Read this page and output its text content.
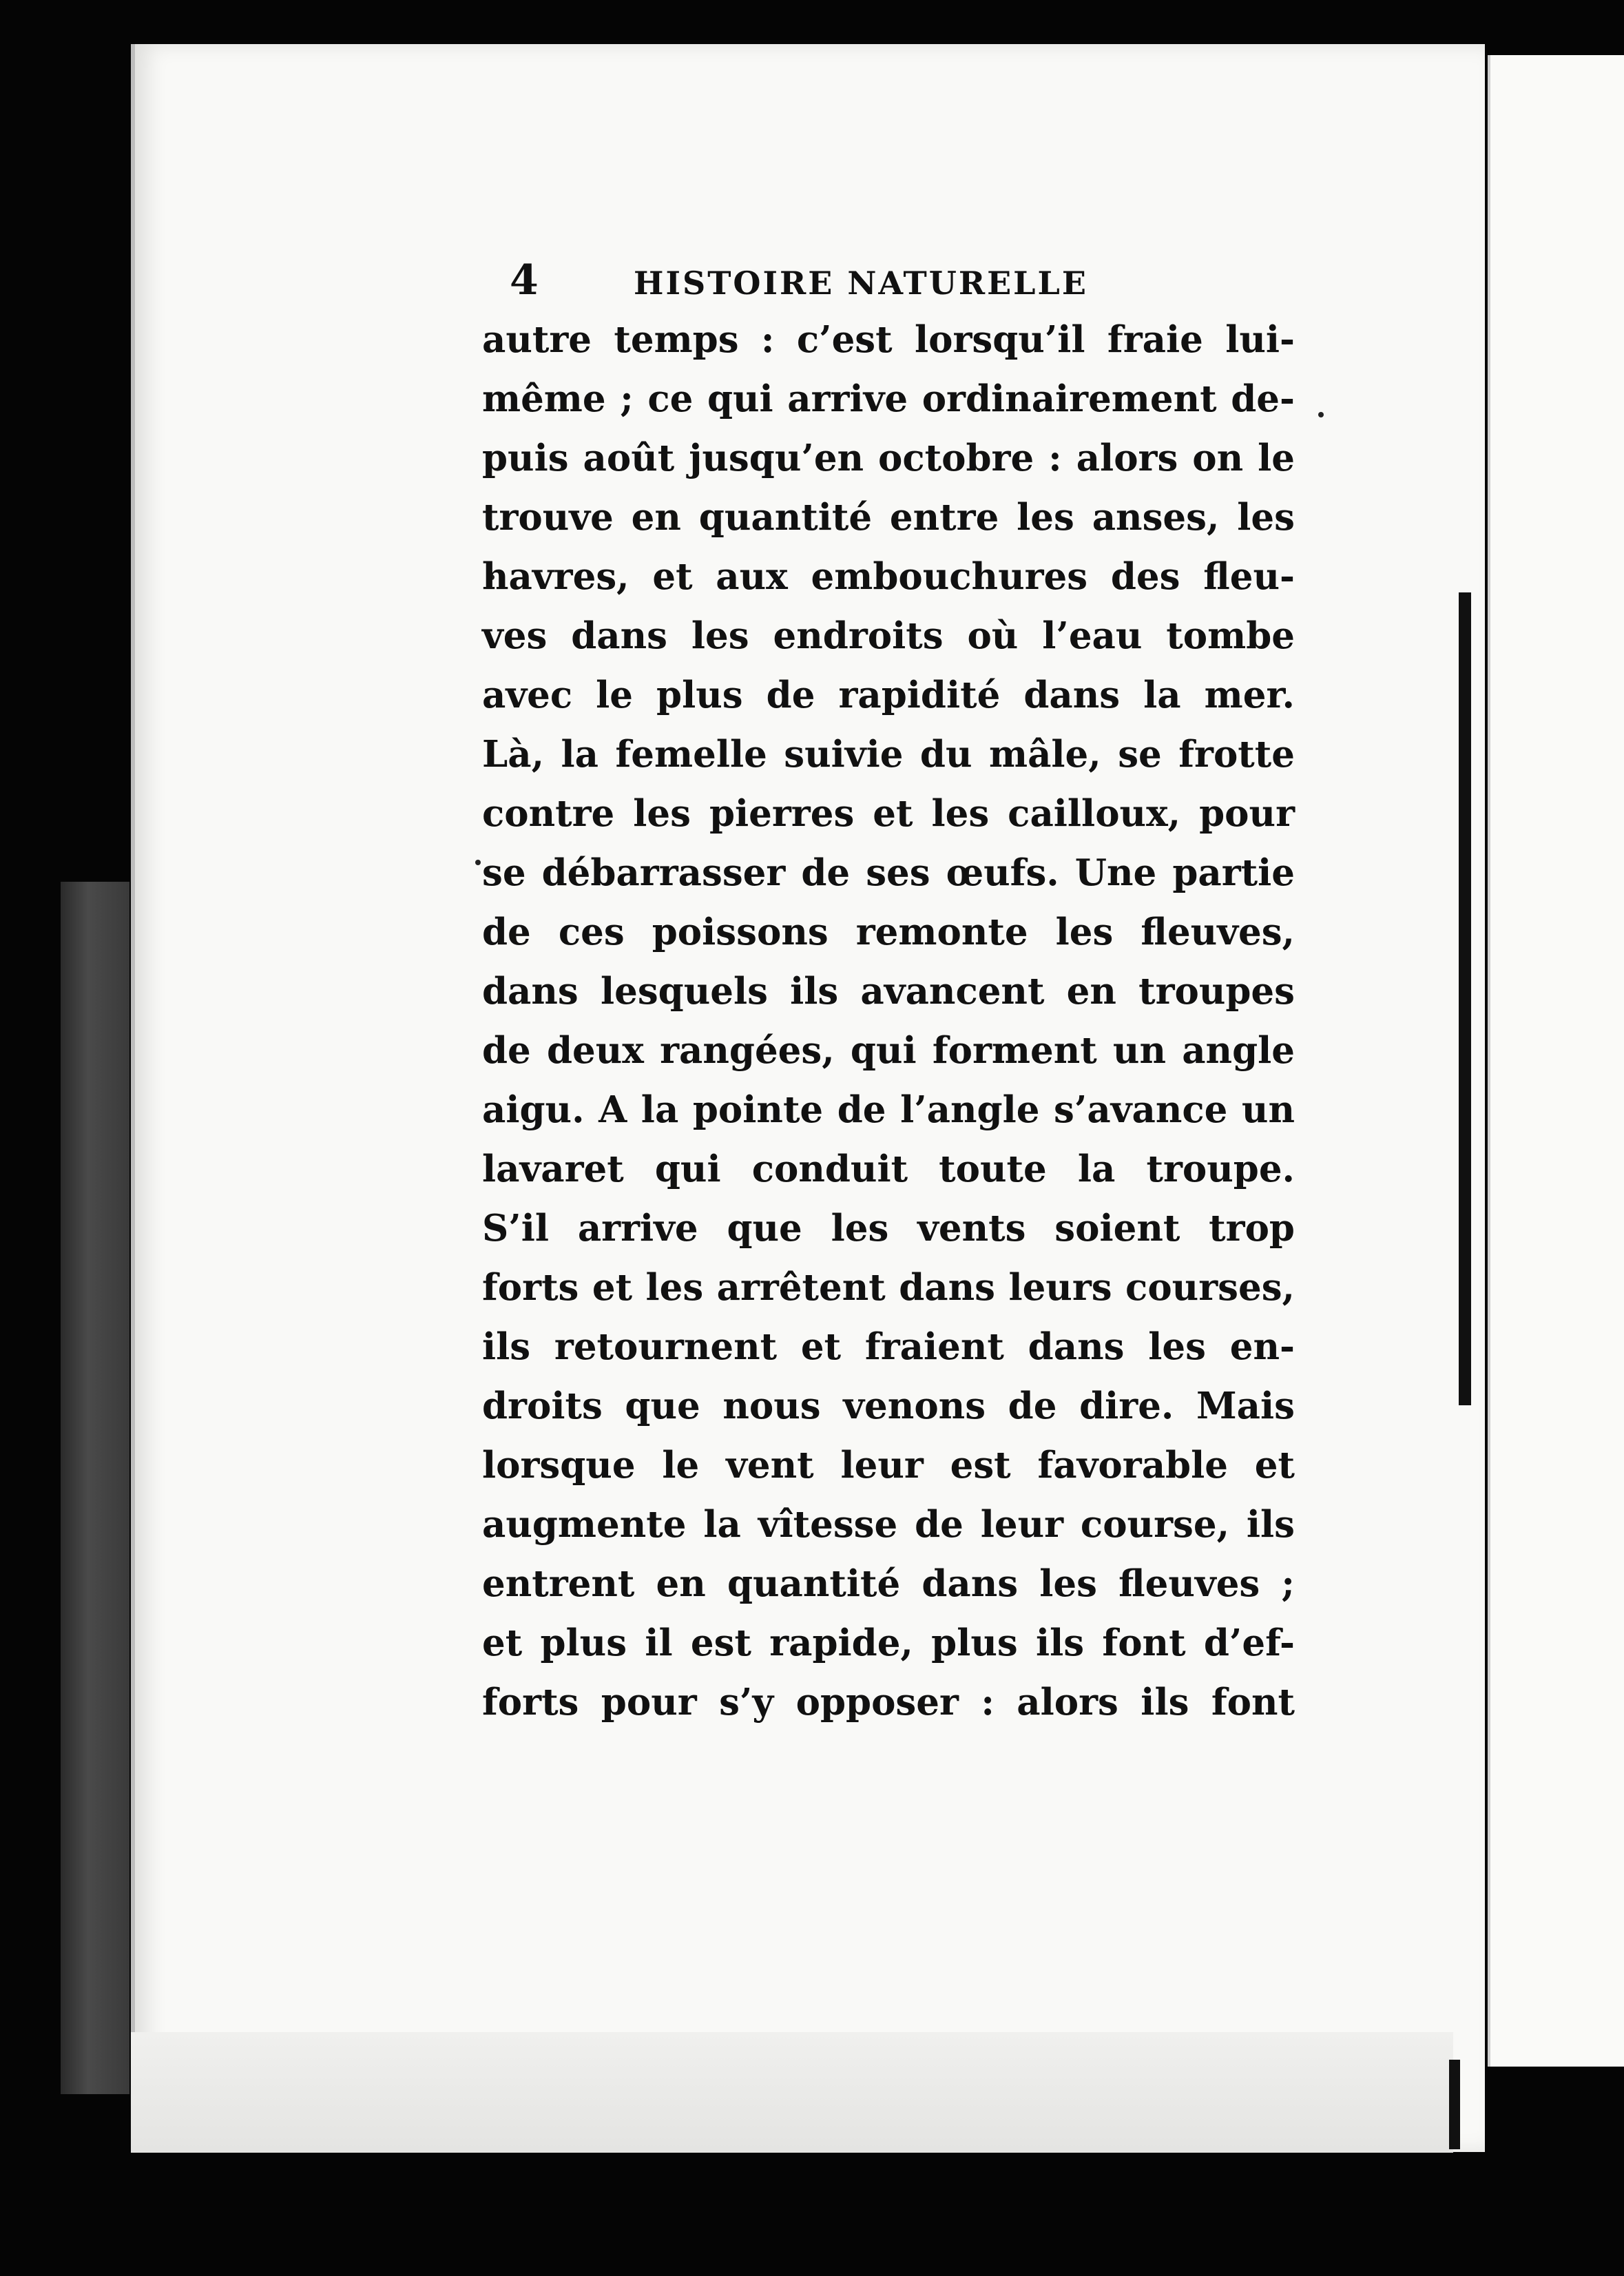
4	HISTOIRE NATURELLE
autre temps : c’est lorsqu’il fraie lui-
même ; ce qui arrive ordinairement de-
puis août jusqu’en octobre : alors on le
trouve en quantité entre les anses, les
havres, et aux embouchures des fleu-
ves dans les endroits où l’eau tombe
avec le plus de rapidité dans la mer.
Là, la femelle suivie du mâle, se frotte
contre les pierres et les cailloux, pour
se débarrasser de ses œufs. Une partie
de ces poissons remonte les fleuves,
dans lesquels ils avancent en troupes
de deux rangées, qui forment un angle
aigu. A la pointe de l’angle s’avance un
lavaret qui conduit toute la troupe.
S’il arrive que les vents soient trop
forts et les arrêtent dans leurs courses,
ils retournent et fraient dans les en-
droits que nous venons de dire. Mais
lorsque le vent leur est favorable et
augmente la vîtesse de leur course, ils
entrent en quantité dans les fleuves ;
et plus il est rapide, plus ils font d’ef-
forts pour s’y opposer : alors ils font
